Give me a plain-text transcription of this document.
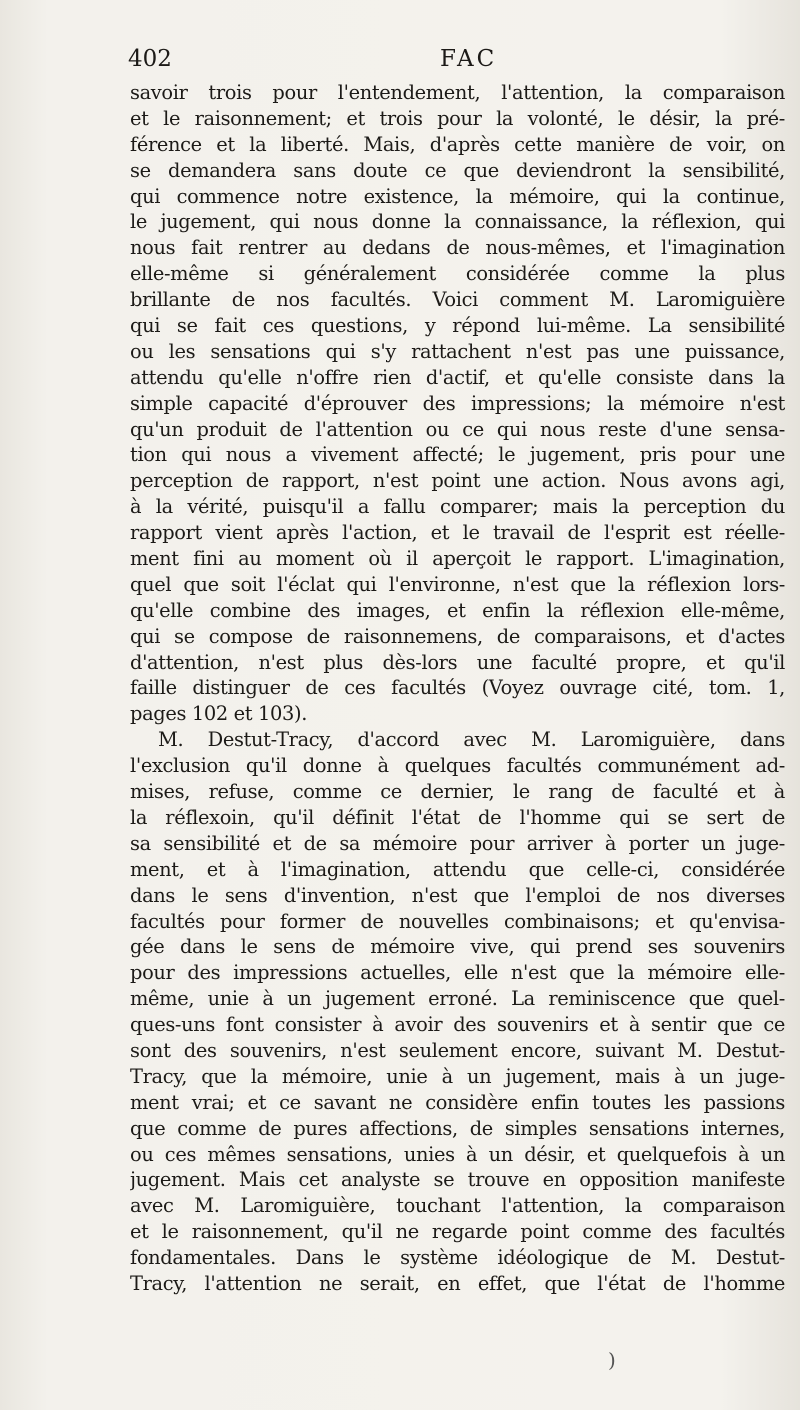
402	FAC
savoir trois pour l'entendement, l'attention, la comparaison
et le raisonnement; et trois pour la volonté, le désir, la pré-
férence et la liberté. Mais, d'après cette manière de voir, on
se demandera sans doute ce que deviendront la sensibilité,
qui commence notre existence, la mémoire, qui la continue,
le jugement, qui nous donne la connaissance, la réflexion, qui
nous fait rentrer au dedans de nous-mêmes, et l'imagination
elle-même si généralement considérée comme la plus
brillante de nos facultés. Voici comment M. Laromiguière
qui se fait ces questions, y répond lui-même. La sensibilité
ou les sensations qui s'y rattachent n'est pas une puissance,
attendu qu'elle n'offre rien d'actif, et qu'elle consiste dans la
simple capacité d'éprouver des impressions; la mémoire n'est
qu'un produit de l'attention ou ce qui nous reste d'une sensa-
tion qui nous a vivement affecté; le jugement, pris pour une
perception de rapport, n'est point une action. Nous avons agi,
à la vérité, puisqu'il a fallu comparer; mais la perception du
rapport vient après l'action, et le travail de l'esprit est réelle-
ment fini au moment où il aperçoit le rapport. L'imagination,
quel que soit l'éclat qui l'environne, n'est que la réflexion lors-
qu'elle combine des images, et enfin la réflexion elle-même,
qui se compose de raisonnemens, de comparaisons, et d'actes
d'attention, n'est plus dès-lors une faculté propre, et qu'il
faille distinguer de ces facultés (Voyez ouvrage cité, tom. 1,
pages 102 et 103).
M. Destut-Tracy, d'accord avec M. Laromiguière, dans
l'exclusion qu'il donne à quelques facultés communément ad-
mises, refuse, comme ce dernier, le rang de faculté et à
la réflexoin, qu'il définit l'état de l'homme qui se sert de
sa sensibilité et de sa mémoire pour arriver à porter un juge-
ment, et à l'imagination, attendu que celle-ci, considérée
dans le sens d'invention, n'est que l'emploi de nos diverses
facultés pour former de nouvelles combinaisons; et qu'envisa-
gée dans le sens de mémoire vive, qui prend ses souvenirs
pour des impressions actuelles, elle n'est que la mémoire elle-
même, unie à un jugement erroné. La reminiscence que quel-
ques-uns font consister à avoir des souvenirs et à sentir que ce
sont des souvenirs, n'est seulement encore, suivant M. Destut-
Tracy, que la mémoire, unie à un jugement, mais à un juge-
ment vrai; et ce savant ne considère enfin toutes les passions
que comme de pures affections, de simples sensations internes,
ou ces mêmes sensations, unies à un désir, et quelquefois à un
jugement. Mais cet analyste se trouve en opposition manifeste
avec M. Laromiguière, touchant l'attention, la comparaison
et le raisonnement, qu'il ne regarde point comme des facultés
fondamentales. Dans le système idéologique de M. Destut-
Tracy, l'attention ne serait, en effet, que l'état de l'homme
)
